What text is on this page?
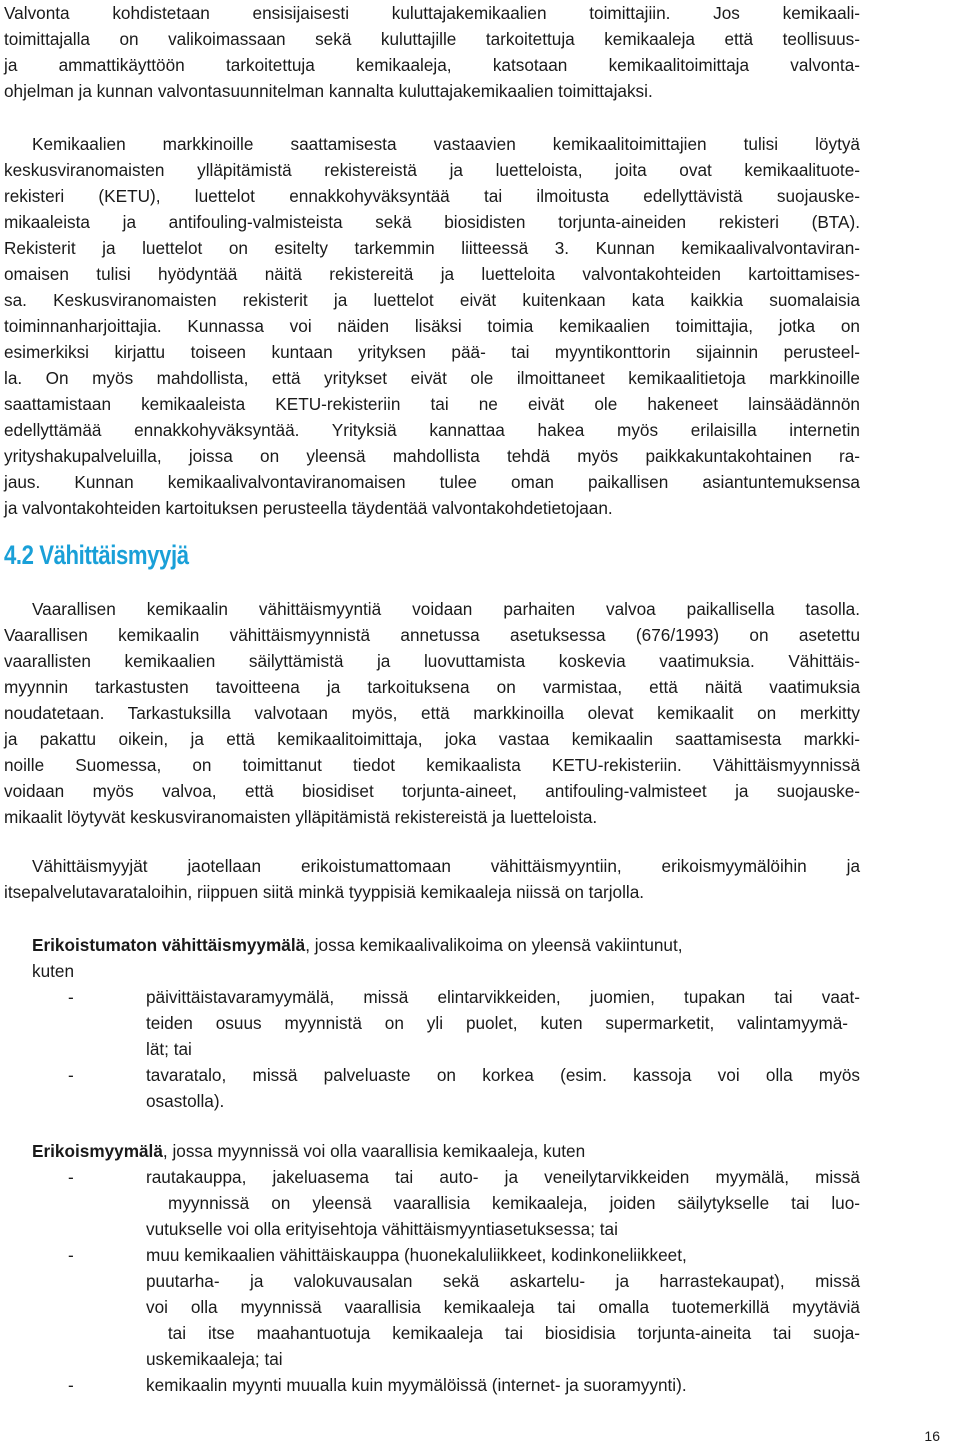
Valvonta kohdistetaan ensisijaisesti kuluttajakemikaalien toimittajiin. Jos kemikaali-
toimittajalla on valikoimassaan sekä kuluttajille tarkoitettuja kemikaaleja että teollisuus-
ja ammattikäyttöön tarkoitettuja kemikaaleja, katsotaan kemikaalitoimittaja valvonta-
ohjelman ja kunnan valvontasuunnitelman kannalta kuluttajakemikaalien toimittajaksi.
Kemikaalien markkinoille saattamisesta vastaavien kemikaalitoimittajien tulisi löytyä
keskusviranomaisten ylläpitämistä rekistereistä ja luetteloista, joita ovat kemikaalituote-
rekisteri (KETU), luettelot ennakkohyväksyntää tai ilmoitusta edellyttävistä suojauske-
mikaaleista ja antifouling-valmisteista sekä biosidisten torjunta-aineiden rekisteri (BTA).
Rekisterit ja luettelot on esitelty tarkemmin liitteessä 3. Kunnan kemikaalivalvontaviran-
omaisen tulisi hyödyntää näitä rekistereitä ja luetteloita valvontakohteiden kartoittamises-
sa. Keskusviranomaisten rekisterit ja luettelot eivät kuitenkaan kata kaikkia suomalaisia
toiminnanharjoittajia. Kunnassa voi näiden lisäksi toimia kemikaalien toimittajia, jotka on
esimerkiksi kirjattu toiseen kuntaan yrityksen pää- tai myyntikonttorin sijainnin perusteel-
la. On myös mahdollista, että yritykset eivät ole ilmoittaneet kemikaalitietoja markkinoille
saattamistaan kemikaaleista KETU-rekisteriin tai ne eivät ole hakeneet lainsäädännön
edellyttämää ennakkohyväksyntää. Yrityksiä kannattaa hakea myös erilaisilla internetin
yrityshakupalveluilla, joissa on yleensä mahdollista tehdä myös paikkakuntakohtainen ra-
jaus. Kunnan kemikaalivalvontaviranomaisen tulee oman paikallisen asiantuntemuksensa
ja valvontakohteiden kartoituksen perusteella täydentää valvontakohdetietojaan.
4.2 Vähittäismyyjä
Vaarallisen kemikaalin vähittäismyyntiä voidaan parhaiten valvoa paikallisella tasolla.
Vaarallisen kemikaalin vähittäismyynnistä annetussa asetuksessa (676/1993) on asetettu
vaarallisten kemikaalien säilyttämistä ja luovuttamista koskevia vaatimuksia. Vähittäis-
myynnin tarkastusten tavoitteena ja tarkoituksena on varmistaa, että näitä vaatimuksia
noudatetaan. Tarkastuksilla valvotaan myös, että markkinoilla olevat kemikaalit on merkitty
ja pakattu oikein, ja että kemikaalitoimittaja, joka vastaa kemikaalin saattamisesta markki-
noille Suomessa, on toimittanut tiedot kemikaalista KETU-rekisteriin. Vähittäismyynnissä
voidaan myös valvoa, että biosidiset torjunta-aineet, antifouling-valmisteet ja suojauske-
mikaalit löytyvät keskusviranomaisten ylläpitämistä rekistereistä ja luetteloista.
Vähittäismyyjät jaotellaan erikoistumattomaan vähittäismyyntiin, erikoismyymälöihin ja
itsepalvelutavarataloihin, riippuen siitä minkä tyyppisiä kemikaaleja niissä on tarjolla.
Erikoistumaton vähittäismyymälä, jossa kemikaalivalikoima on yleensä vakiintunut,
kuten
-	päivittäistavaramyymälä, missä elintarvikkeiden, juomien, tupakan tai vaat-
teiden osuus myynnistä on yli puolet, kuten supermarketit, valintamyymä-
lät; tai
-	tavaratalo, missä palveluaste on korkea (esim. kassoja voi olla myös
osastolla).
Erikoismyymälä, jossa myynnissä voi olla vaarallisia kemikaaleja, kuten
-	rautakauppa, jakeluasema tai auto- ja veneilytarvikkeiden myymälä, missä
myynnissä on yleensä vaarallisia kemikaaleja, joiden säilytykselle tai luo-
vutukselle voi olla erityisehtoja vähittäismyyntiasetuksessa; tai
-	muu kemikaalien vähittäiskauppa (huonekaluliikkeet, kodinkoneliikkeet,
puutarha- ja valokuvausalan sekä askartelu- ja harrastekaupat), missä
voi olla myynnissä vaarallisia kemikaaleja tai omalla tuotemerkillä myytäviä
tai itse maahantuotuja kemikaaleja tai biosidisia torjunta-aineita tai suoja-
uskemikaaleja; tai
-	kemikaalin myynti muualla kuin myymälöissä (internet- ja suoramyynti).
16
